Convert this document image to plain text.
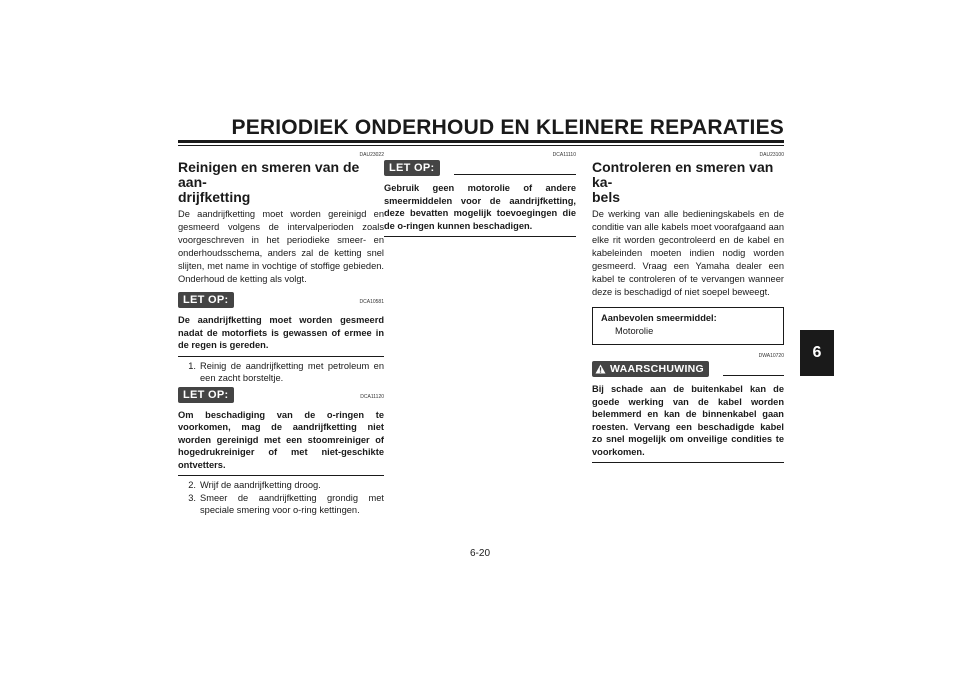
PERIODIEK ONDERHOUD EN KLEINERE REPARATIES
6
DAU23022
Reinigen en smeren van de aan-
drijfketting

De aandrijfketting moet worden gereinigd en gesmeerd volgens de intervalperioden zoals voorgeschreven in het periodieke smeer- en onderhoudsschema, anders zal de ketting snel slijten, met name in vochtige of stoffige gebieden. Onderhoud de ketting als volgt.

LET OP:	DCA10581
De aandrijfketting moet worden gesmeerd nadat de motorfiets is gewassen of ermee in de regen is gereden.
1. Reinig de aandrijfketting met petroleum en een zacht borsteltje.
LET OP:	DCA11120
Om beschadiging van de o-ringen te voorkomen, mag de aandrijfketting niet worden gereinigd met een stoomreiniger of hogedrukreiniger of met niet-geschikte ontvetters.
2. Wrijf de aandrijfketting droog.
3. Smeer de aandrijfketting grondig met speciale smering voor o-ring kettingen.
DCA11110
LET OP:
Gebruik geen motorolie of andere smeermiddelen voor de aandrijfketting, deze bevatten mogelijk toevoegingen die de o-ringen kunnen beschadigen.
DAU23100
Controleren en smeren van ka-
bels

De werking van alle bedieningskabels en de conditie van alle kabels moet voorafgaand aan elke rit worden gecontroleerd en de kabel en kabeleinden moeten indien nodig worden gesmeerd. Vraag een Yamaha dealer een kabel te controleren of te vervangen wanneer deze is beschadigd of niet soepel beweegt.

Aanbevolen smeermiddel:
Motorolie
DWA10720
WAARSCHUWING
Bij schade aan de buitenkabel kan de goede werking van de kabel worden belemmerd en kan de binnenkabel gaan roesten. Vervang een beschadigde kabel zo snel mogelijk om onveilige condities te voorkomen.
6-20
